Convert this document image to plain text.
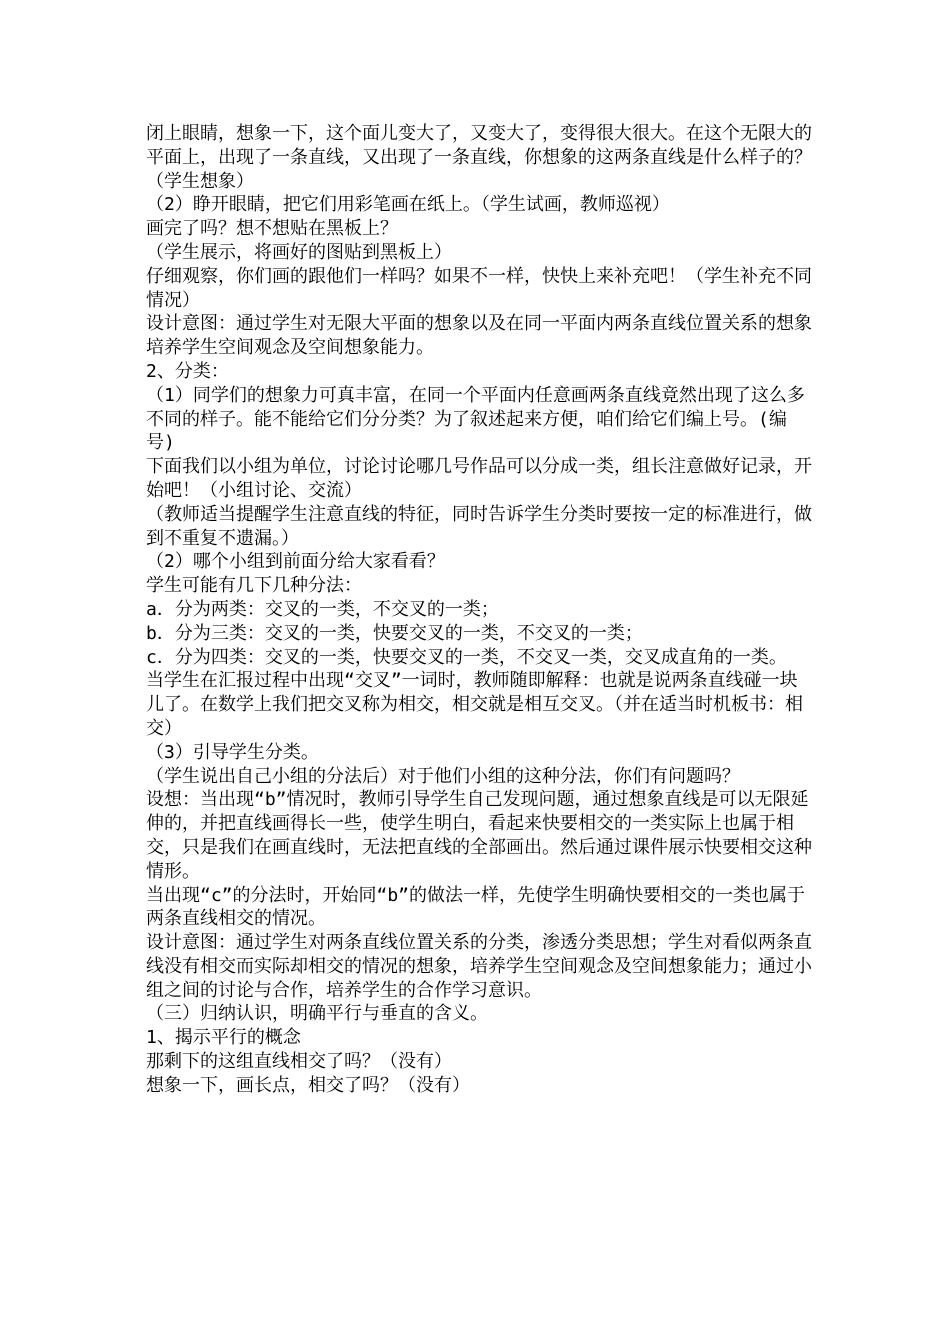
闭上眼睛，想象一下，这个面儿变大了，又变大了，变得很大很大。在这个无限大的平面上，出现了一条直线，又出现了一条直线，你想象的这两条直线是什么样子的？（学生想象）

（2）睁开眼睛，把它们用彩笔画在纸上。（学生试画，教师巡视）

画完了吗？想不想贴在黑板上？

（学生展示，将画好的图贴到黑板上）

仔细观察，你们画的跟他们一样吗？如果不一样，快快上来补充吧！（学生补充不同情况）

设计意图：通过学生对无限大平面的想象以及在同一平面内两条直线位置关系的想象培养学生空间观念及空间想象能力。

2、分类：

（1）同学们的想象力可真丰富，在同一个平面内任意画两条直线竟然出现了这么多不同的样子。能不能给它们分分类？为了叙述起来方便，咱们给它们编上号。(编号)

下面我们以小组为单位，讨论讨论哪几号作品可以分成一类，组长注意做好记录，开始吧！（小组讨论、交流）

（教师适当提醒学生注意直线的特征，同时告诉学生分类时要按一定的标准进行，做到不重复不遗漏。）

（2）哪个小组到前面分给大家看看？

学生可能有几下几种分法：

a．分为两类：交叉的一类，不交叉的一类；

b．分为三类：交叉的一类，快要交叉的一类，不交叉的一类；

c．分为四类：交叉的一类，快要交叉的一类，不交叉一类，交叉成直角的一类。

当学生在汇报过程中出现“交叉”一词时，教师随即解释：也就是说两条直线碰一块儿了。在数学上我们把交叉称为相交，相交就是相互交叉。（并在适当时机板书：相交）

（3）引导学生分类。

（学生说出自己小组的分法后）对于他们小组的这种分法，你们有问题吗？

设想：当出现“b”情况时，教师引导学生自己发现问题，通过想象直线是可以无限延伸的，并把直线画得长一些，使学生明白，看起来快要相交的一类实际上也属于相交，只是我们在画直线时，无法把直线的全部画出。然后通过课件展示快要相交这种情形。

当出现“c”的分法时，开始同“b”的做法一样，先使学生明确快要相交的一类也属于两条直线相交的情况。

设计意图：通过学生对两条直线位置关系的分类，渗透分类思想；学生对看似两条直线没有相交而实际却相交的情况的想象，培养学生空间观念及空间想象能力；通过小组之间的讨论与合作，培养学生的合作学习意识。

（三）归纳认识，明确平行与垂直的含义。

1、揭示平行的概念

那剩下的这组直线相交了吗？（没有）

想象一下，画长点，相交了吗？（没有）
